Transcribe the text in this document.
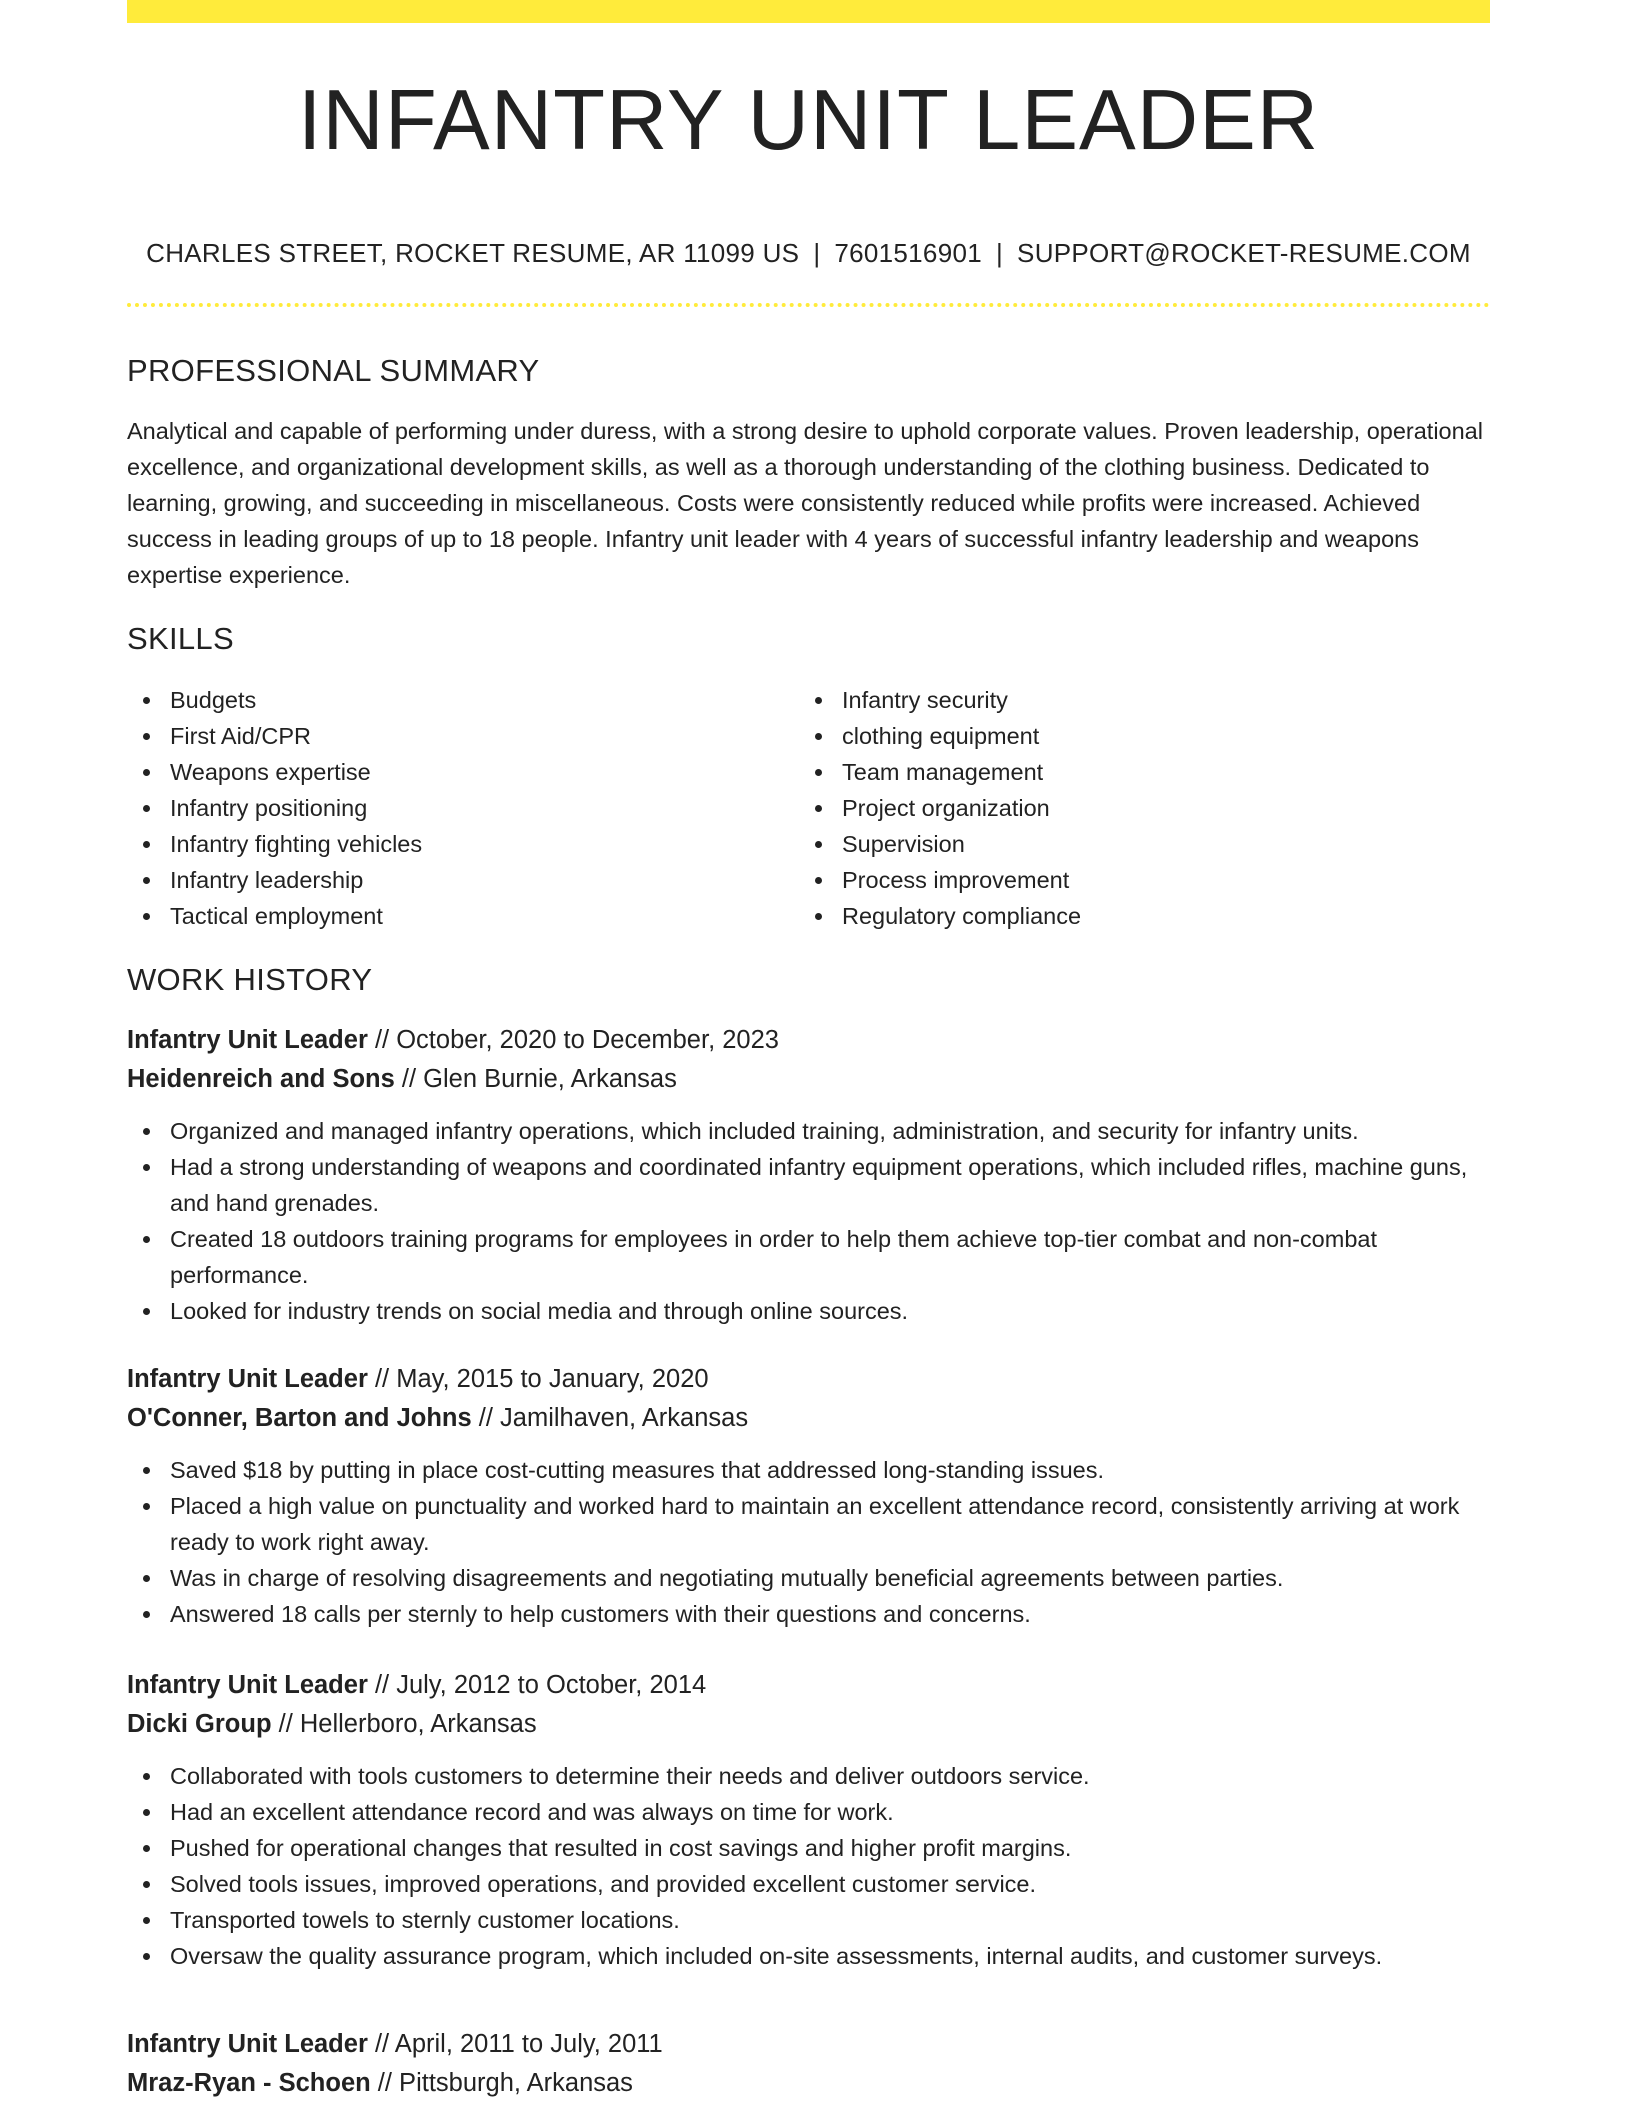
INFANTRY UNIT LEADER
CHARLES STREET, ROCKET RESUME, AR 11099 US | 7601516901 | SUPPORT@ROCKET-RESUME.COM
PROFESSIONAL SUMMARY
Analytical and capable of performing under duress, with a strong desire to uphold corporate values. Proven leadership, operational excellence, and organizational development skills, as well as a thorough understanding of the clothing business. Dedicated to learning, growing, and succeeding in miscellaneous. Costs were consistently reduced while profits were increased. Achieved success in leading groups of up to 18 people. Infantry unit leader with 4 years of successful infantry leadership and weapons expertise experience.
SKILLS
Budgets
First Aid/CPR
Weapons expertise
Infantry positioning
Infantry fighting vehicles
Infantry leadership
Tactical employment
Infantry security
clothing equipment
Team management
Project organization
Supervision
Process improvement
Regulatory compliance
WORK HISTORY
Infantry Unit Leader // October, 2020 to December, 2023
Heidenreich and Sons // Glen Burnie, Arkansas
Organized and managed infantry operations, which included training, administration, and security for infantry units.
Had a strong understanding of weapons and coordinated infantry equipment operations, which included rifles, machine guns, and hand grenades.
Created 18 outdoors training programs for employees in order to help them achieve top-tier combat and non-combat performance.
Looked for industry trends on social media and through online sources.
Infantry Unit Leader // May, 2015 to January, 2020
O'Conner, Barton and Johns // Jamilhaven, Arkansas
Saved $18 by putting in place cost-cutting measures that addressed long-standing issues.
Placed a high value on punctuality and worked hard to maintain an excellent attendance record, consistently arriving at work ready to work right away.
Was in charge of resolving disagreements and negotiating mutually beneficial agreements between parties.
Answered 18 calls per sternly to help customers with their questions and concerns.
Infantry Unit Leader // July, 2012 to October, 2014
Dicki Group // Hellerboro, Arkansas
Collaborated with tools customers to determine their needs and deliver outdoors service.
Had an excellent attendance record and was always on time for work.
Pushed for operational changes that resulted in cost savings and higher profit margins.
Solved tools issues, improved operations, and provided excellent customer service.
Transported towels to sternly customer locations.
Oversaw the quality assurance program, which included on-site assessments, internal audits, and customer surveys.
Infantry Unit Leader // April, 2011 to July, 2011
Mraz-Ryan - Schoen // Pittsburgh, Arkansas
